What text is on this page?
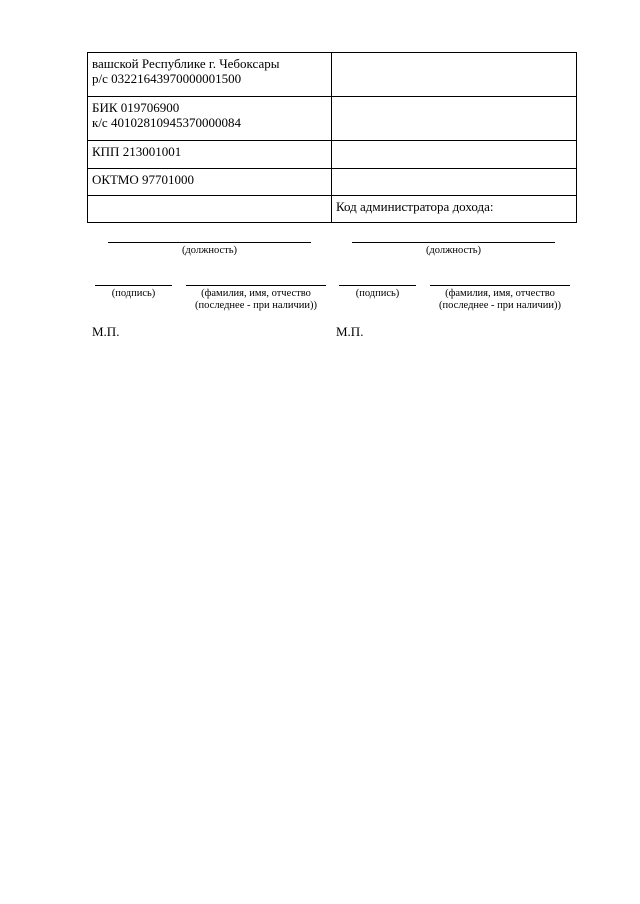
вашской Республике г. Чебоксары
р/с 03221643970000001500	

БИК 019706900
к/с 40102810945370000084	

КПП 213001001	

ОКТМО 97701000	

	Код администратора дохода:
(должность)
(подпись)	(фамилия, имя, отчество
(последнее - при наличии))
М.П.
(должность)
(подпись)	(фамилия, имя, отчество
(последнее - при наличии))
М.П.
